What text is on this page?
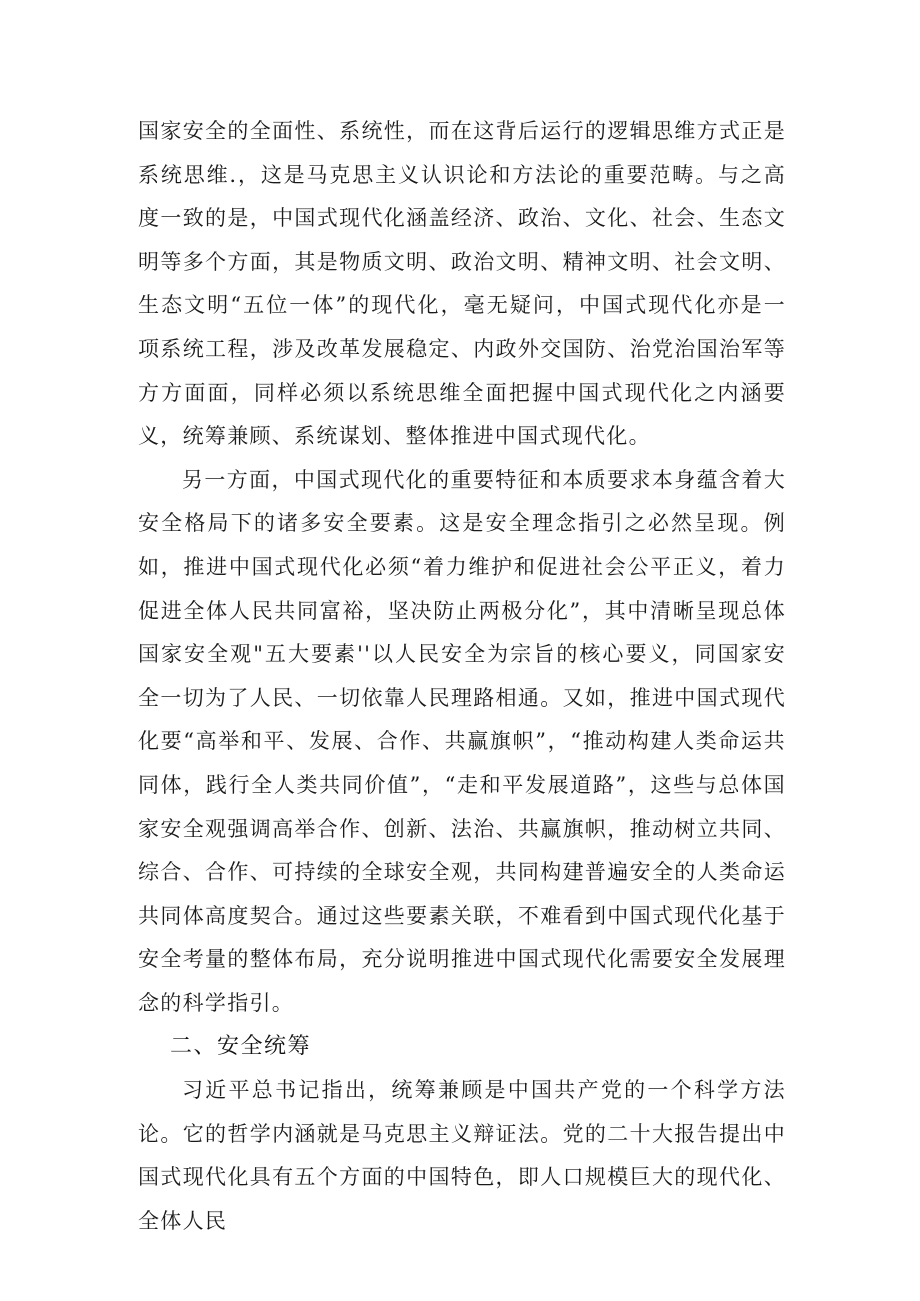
国家安全的全面性、系统性，而在这背后运行的逻辑思维方式正是系统思维.，这是马克思主义认识论和方法论的重要范畴。与之高度一致的是，中国式现代化涵盖经济、政治、文化、社会、生态文明等多个方面，其是物质文明、政治文明、精神文明、社会文明、生态文明“五位一体”的现代化，毫无疑问，中国式现代化亦是一项系统工程，涉及改革发展稳定、内政外交国防、治党治国治军等方方面面，同样必须以系统思维全面把握中国式现代化之内涵要义，统筹兼顾、系统谋划、整体推进中国式现代化。

另一方面，中国式现代化的重要特征和本质要求本身蕴含着大安全格局下的诸多安全要素。这是安全理念指引之必然呈现。例如，推进中国式现代化必须“着力维护和促进社会公平正义，着力促进全体人民共同富裕，坚决防止两极分化”，其中清晰呈现总体国家安全观"五大要素''以人民安全为宗旨的核心要义，同国家安全一切为了人民、一切依靠人民理路相通。又如，推进中国式现代化要“高举和平、发展、合作、共赢旗帜”，“推动构建人类命运共同体，践行全人类共同价值”，“走和平发展道路”，这些与总体国家安全观强调高举合作、创新、法治、共赢旗帜，推动树立共同、综合、合作、可持续的全球安全观，共同构建普遍安全的人类命运共同体高度契合。通过这些要素关联，不难看到中国式现代化基于安全考量的整体布局，充分说明推进中国式现代化需要安全发展理念的科学指引。

二、安全统筹

习近平总书记指出，统筹兼顾是中国共产党的一个科学方法论。它的哲学内涵就是马克思主义辩证法。党的二十大报告提出中国式现代化具有五个方面的中国特色，即人口规模巨大的现代化、全体人民
